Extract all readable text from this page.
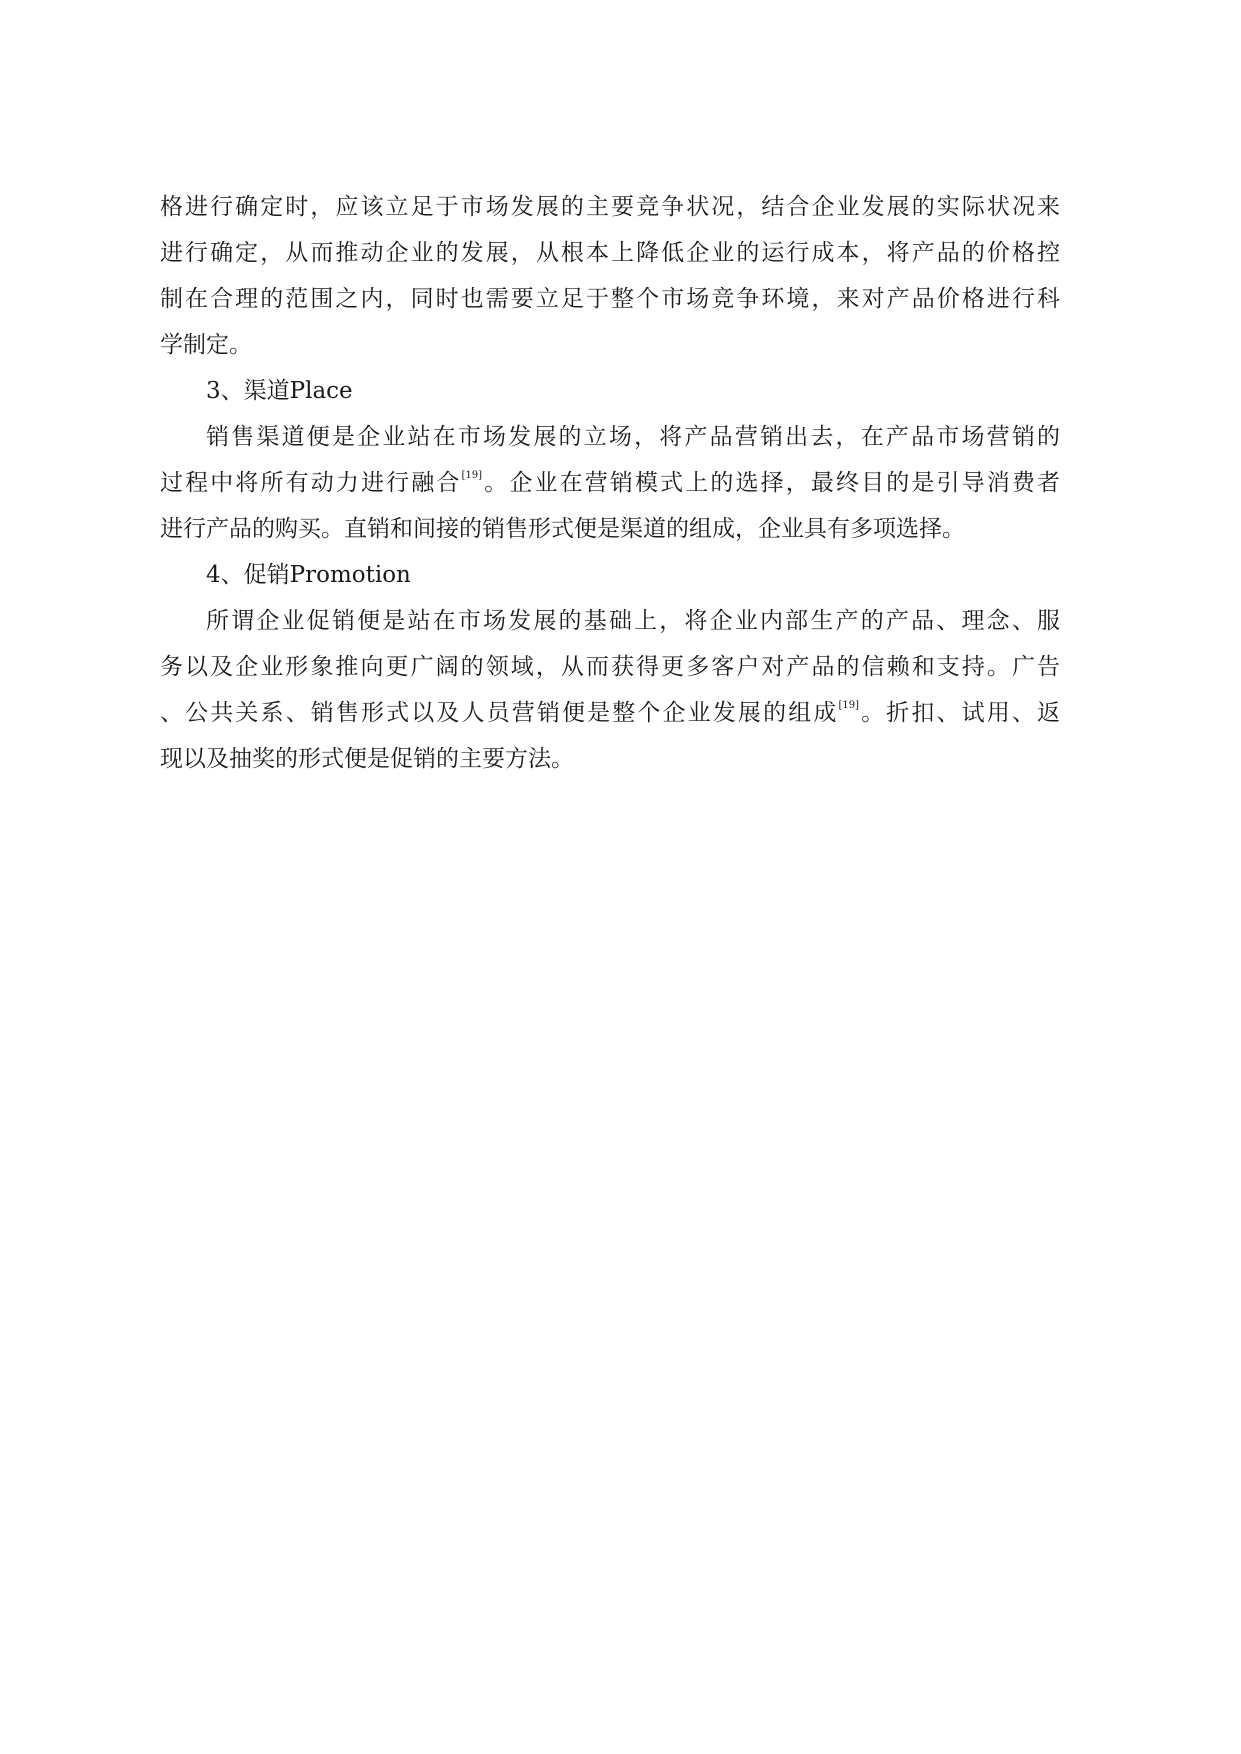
格进行确定时，应该立足于市场发展的主要竞争状况，结合企业发展的实际状况来
进行确定，从而推动企业的发展，从根本上降低企业的运行成本，将产品的价格控
制在合理的范围之内，同时也需要立足于整个市场竞争环境，来对产品价格进行科
学制定。
3、渠道Place
销售渠道便是企业站在市场发展的立场，将产品营销出去，在产品市场营销的
过程中将所有动力进行融合[19]。企业在营销模式上的选择，最终目的是引导消费者
进行产品的购买。直销和间接的销售形式便是渠道的组成，企业具有多项选择。
4、促销Promotion
所谓企业促销便是站在市场发展的基础上，将企业内部生产的产品、理念、服
务以及企业形象推向更广阔的领域，从而获得更多客户对产品的信赖和支持。广告
、公共关系、销售形式以及人员营销便是整个企业发展的组成[19]。折扣、试用、返
现以及抽奖的形式便是促销的主要方法。
